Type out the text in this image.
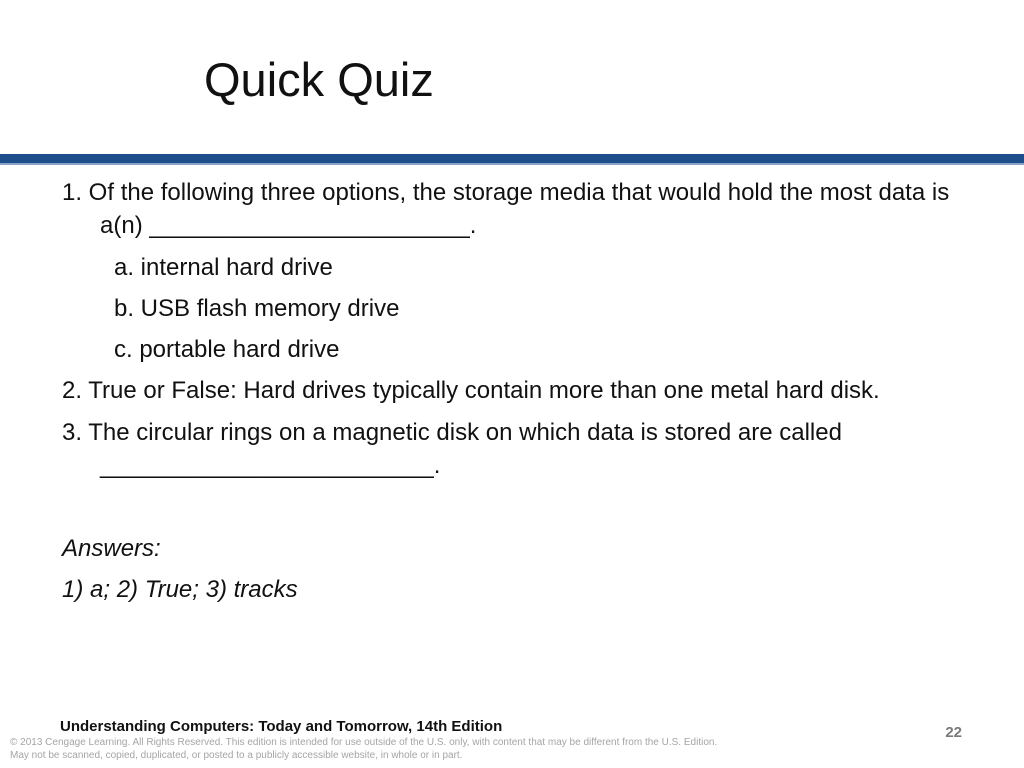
Quick Quiz
1. Of the following three options, the storage media that would hold the most data is a(n) ________________________.
a. internal hard drive
b. USB flash memory drive
c. portable hard drive
2. True or False: Hard drives typically contain more than one metal hard disk.
3. The circular rings on a magnetic disk on which data is stored are called _________________________.
Answers:
1) a; 2) True; 3) tracks
Understanding Computers: Today and Tomorrow, 14th Edition	22
© 2013 Cengage Learning. All Rights Reserved. This edition is intended for use outside of the U.S. only, with content that may be different from the U.S. Edition.
May not be scanned, copied, duplicated, or posted to a publicly accessible website, in whole or in part.
